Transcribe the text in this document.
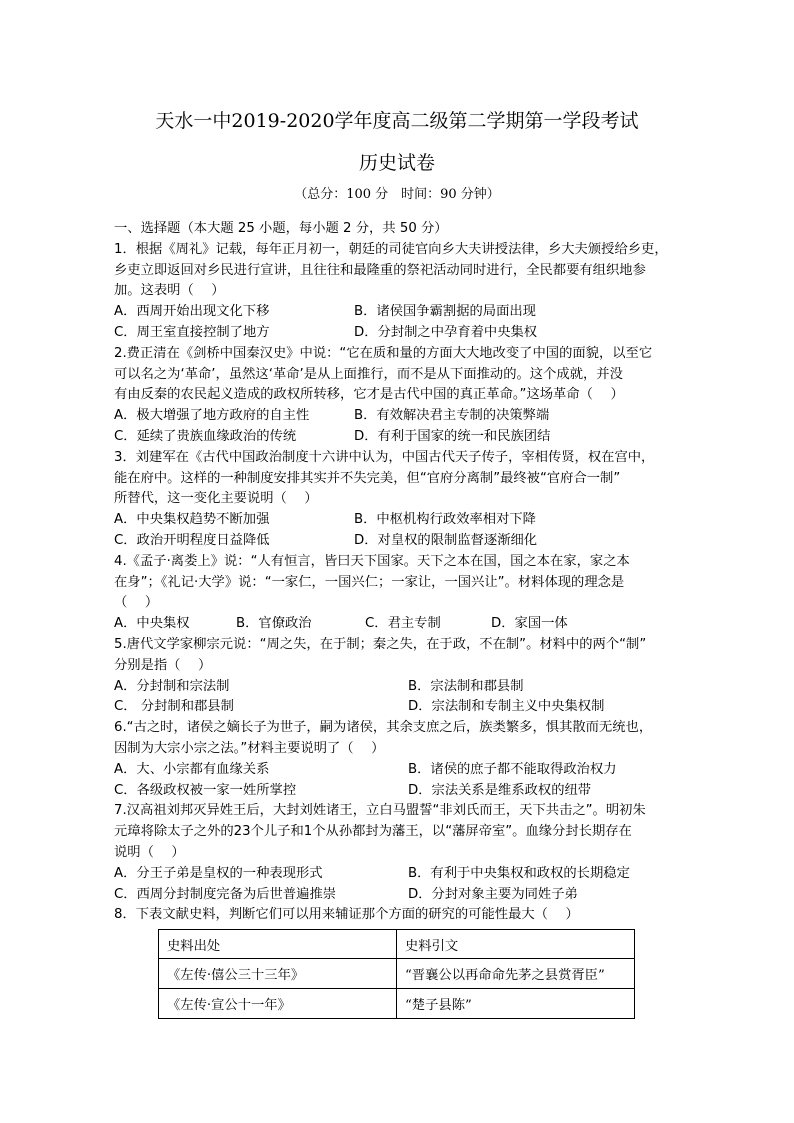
天水一中2019-2020学年度高二级第二学期第一学段考试
历史试卷
（总分：100 分　时间：90 分钟）
一、选择题（本大题 25 小题，每小题 2 分，共 50 分）
1．根据《周礼》记载，每年正月初一，朝廷的司徒官向乡大夫讲授法律，乡大夫颁授给乡吏，
乡吏立即返回对乡民进行宣讲，且往往和最隆重的祭祀活动同时进行，全民都要有组织地参
加。这表明（　 ）
A．西周开始出现文化下移	B．诸侯国争霸割据的局面出现
C．周王室直接控制了地方	D．分封制之中孕育着中央集权
2.费正清在《剑桥中国秦汉史》中说：“它在质和量的方面大大地改变了中国的面貌，以至它
可以名之为‘革命’，虽然这‘革命’是从上面推行，而不是从下面推动的。这个成就，并没
有由反秦的农民起义造成的政权所转移，它才是古代中国的真正革命。”这场革命（　 ）
A．极大增强了地方政府的自主性	B．有效解决君主专制的决策弊端
C．延续了贵族血缘政治的传统	D．有利于国家的统一和民族团结
3．刘建军在《古代中国政治制度十六讲中认为，中国古代天子传子，宰相传贤，权在宫中，
能在府中。这样的一种制度安排其实并不失完美，但“官府分离制”最终被“官府合一制”
所替代，这一变化主要说明（　 ）
A．中央集权趋势不断加强	B．中枢机构行政效率相对下降
C．政治开明程度日益降低	D．对皇权的限制监督逐渐细化
4.《孟子·离娄上》说：“人有恒言，皆曰天下国家。天下之本在国，国之本在家，家之本
在身”；《礼记·大学》说：“一家仁，一国兴仁；一家让，一国兴让”。材料体现的理念是
（　 ）
A．中央集权	B．官僚政治	C．君主专制	D．家国一体
5.唐代文学家柳宗元说：“周之失，在于制；秦之失，在于政，不在制”。材料中的两个“制”
分别是指（　 ）
A．分封制和宗法制	B．宗法制和郡县制
C． 分封制和郡县制	D．宗法制和专制主义中央集权制
6.“古之时，诸侯之嫡长子为世子，嗣为诸侯，其余支庶之后，族类繁多，惧其散而无统也，
因制为大宗小宗之法。”材料主要说明了（　 ）
A．大、小宗都有血缘关系	B．诸侯的庶子都不能取得政治权力
C．各级政权被一家一姓所掌控	D．宗法关系是维系政权的纽带
7.汉高祖刘邦灭异姓王后，大封刘姓诸王，立白马盟誓“非刘氏而王，天下共击之”。明初朱
元璋将除太子之外的23个儿子和1个从孙都封为藩王，以“藩屏帝室”。血缘分封长期存在
说明（　 ）
A．分王子弟是皇权的一种表现形式	B．有利于中央集权和政权的长期稳定
C．西周分封制度完备为后世普遍推崇	D．分封对象主要为同姓子弟
8．下表文献史料，判断它们可以用来辅证那个方面的研究的可能性最大（　 ）
史料出处	史料引文
《左传·僖公三十三年》	“晋襄公以再命命先茅之县赏胥臣”
《左传·宣公十一年》	“楚子县陈”
